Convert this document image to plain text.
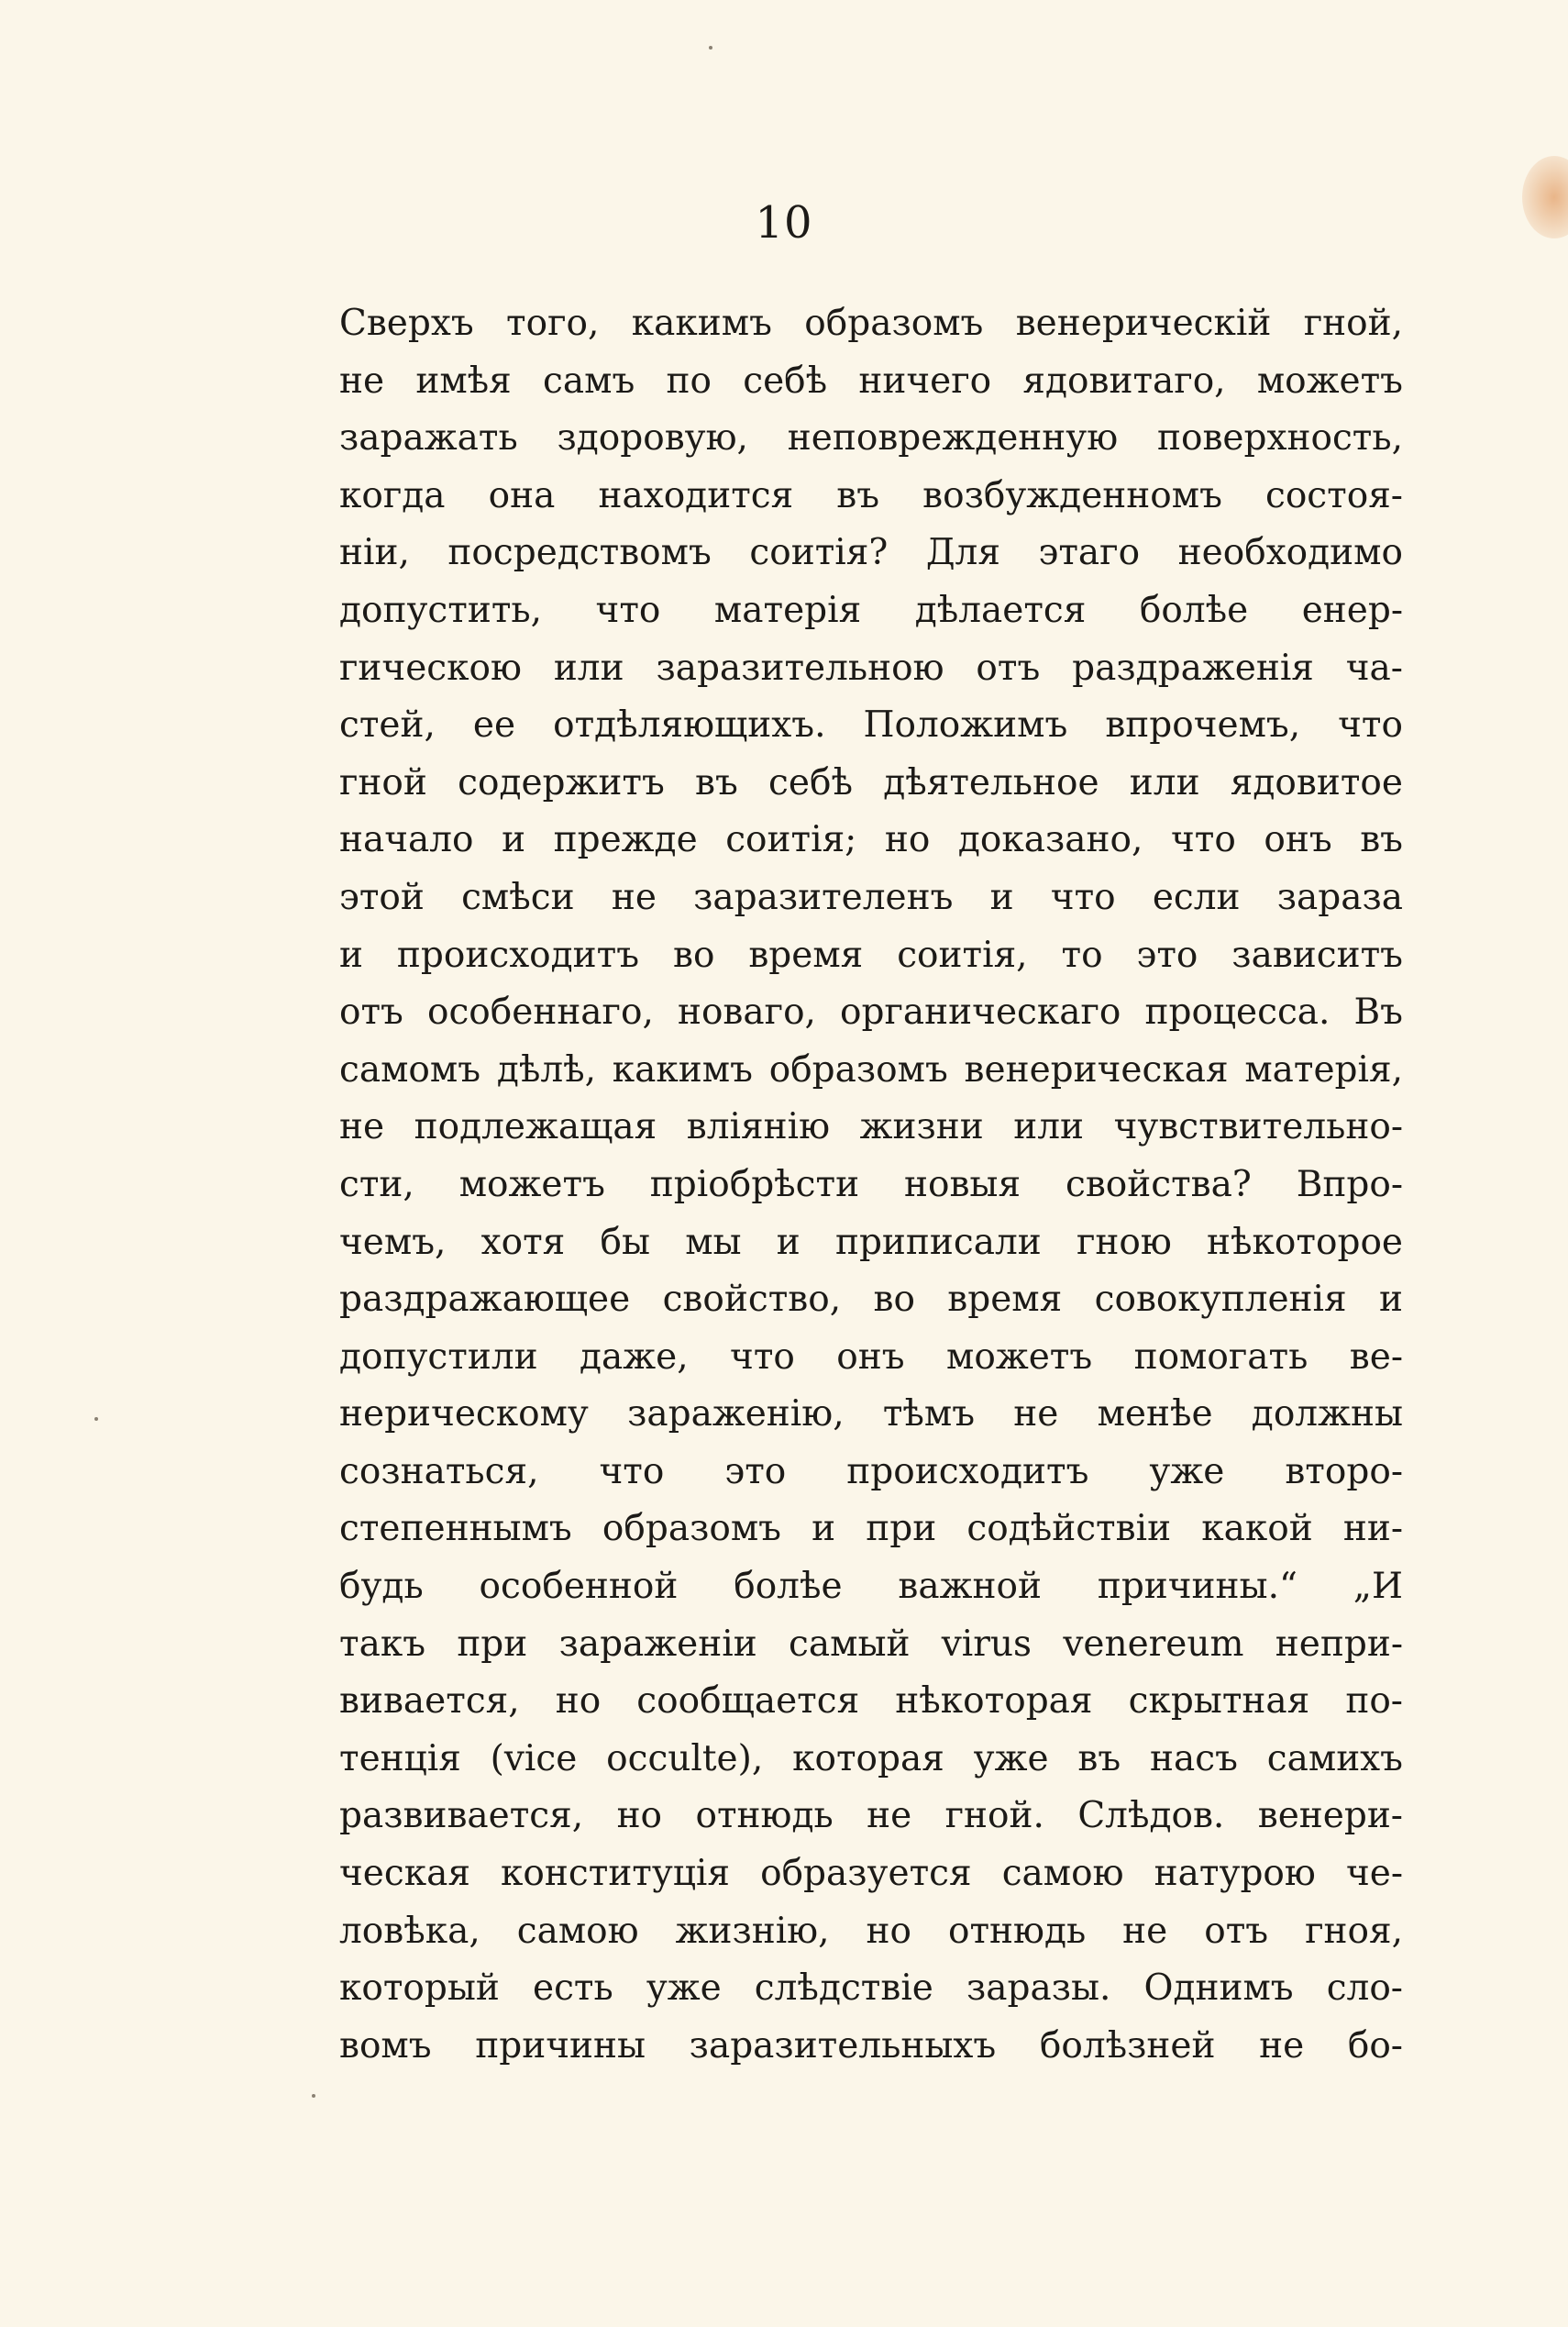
10
Сверхъ того, какимъ образомъ венерическій гной,
не имѣя самъ по себѣ ничего ядовитаго, можетъ
заражать здоровую, неповрежденную поверхность,
когда она находится въ возбужденномъ состоя-
ніи, посредствомъ соитія? Для этаго необходимо
допустить, что матерія дѣлается болѣе енер-
гическою или заразительною отъ раздраженія ча-
стей, ее отдѣляющихъ. Положимъ впрочемъ, что
гной содержитъ въ себѣ дѣятельное или ядовитое
начало и прежде соитія; но доказано, что онъ въ
этой смѣси не заразителенъ и что если зараза
и происходитъ во время соитія, то это зависитъ
отъ особеннаго, новаго, органическаго процесса. Въ
самомъ дѣлѣ, какимъ образомъ венерическая матерія,
не подлежащая вліянію жизни или чувствительно-
сти, можетъ пріобрѣсти новыя свойства? Впро-
чемъ, хотя бы мы и приписали гною нѣкоторое
раздражающее свойство, во время совокупленія и
допустили даже, что онъ можетъ помогать ве-
нерическому зараженію, тѣмъ не менѣе должны
сознаться, что это происходитъ уже второ-
степеннымъ образомъ и при содѣйствіи какой ни-
будь особенной болѣе важной причины.“ „И
такъ при зараженіи самый virus venereum непри-
вивается, но сообщается нѣкоторая скрытная по-
тенція (vice occulte), которая уже въ насъ самихъ
развивается, но отнюдь не гной. Слѣдов. венери-
ческая конституція образуется самою натурою че-
ловѣка, самою жизнію, но отнюдь не отъ гноя,
который есть уже слѣдствіе заразы. Однимъ сло-
вомъ причины заразительныхъ болѣзней не бо-
